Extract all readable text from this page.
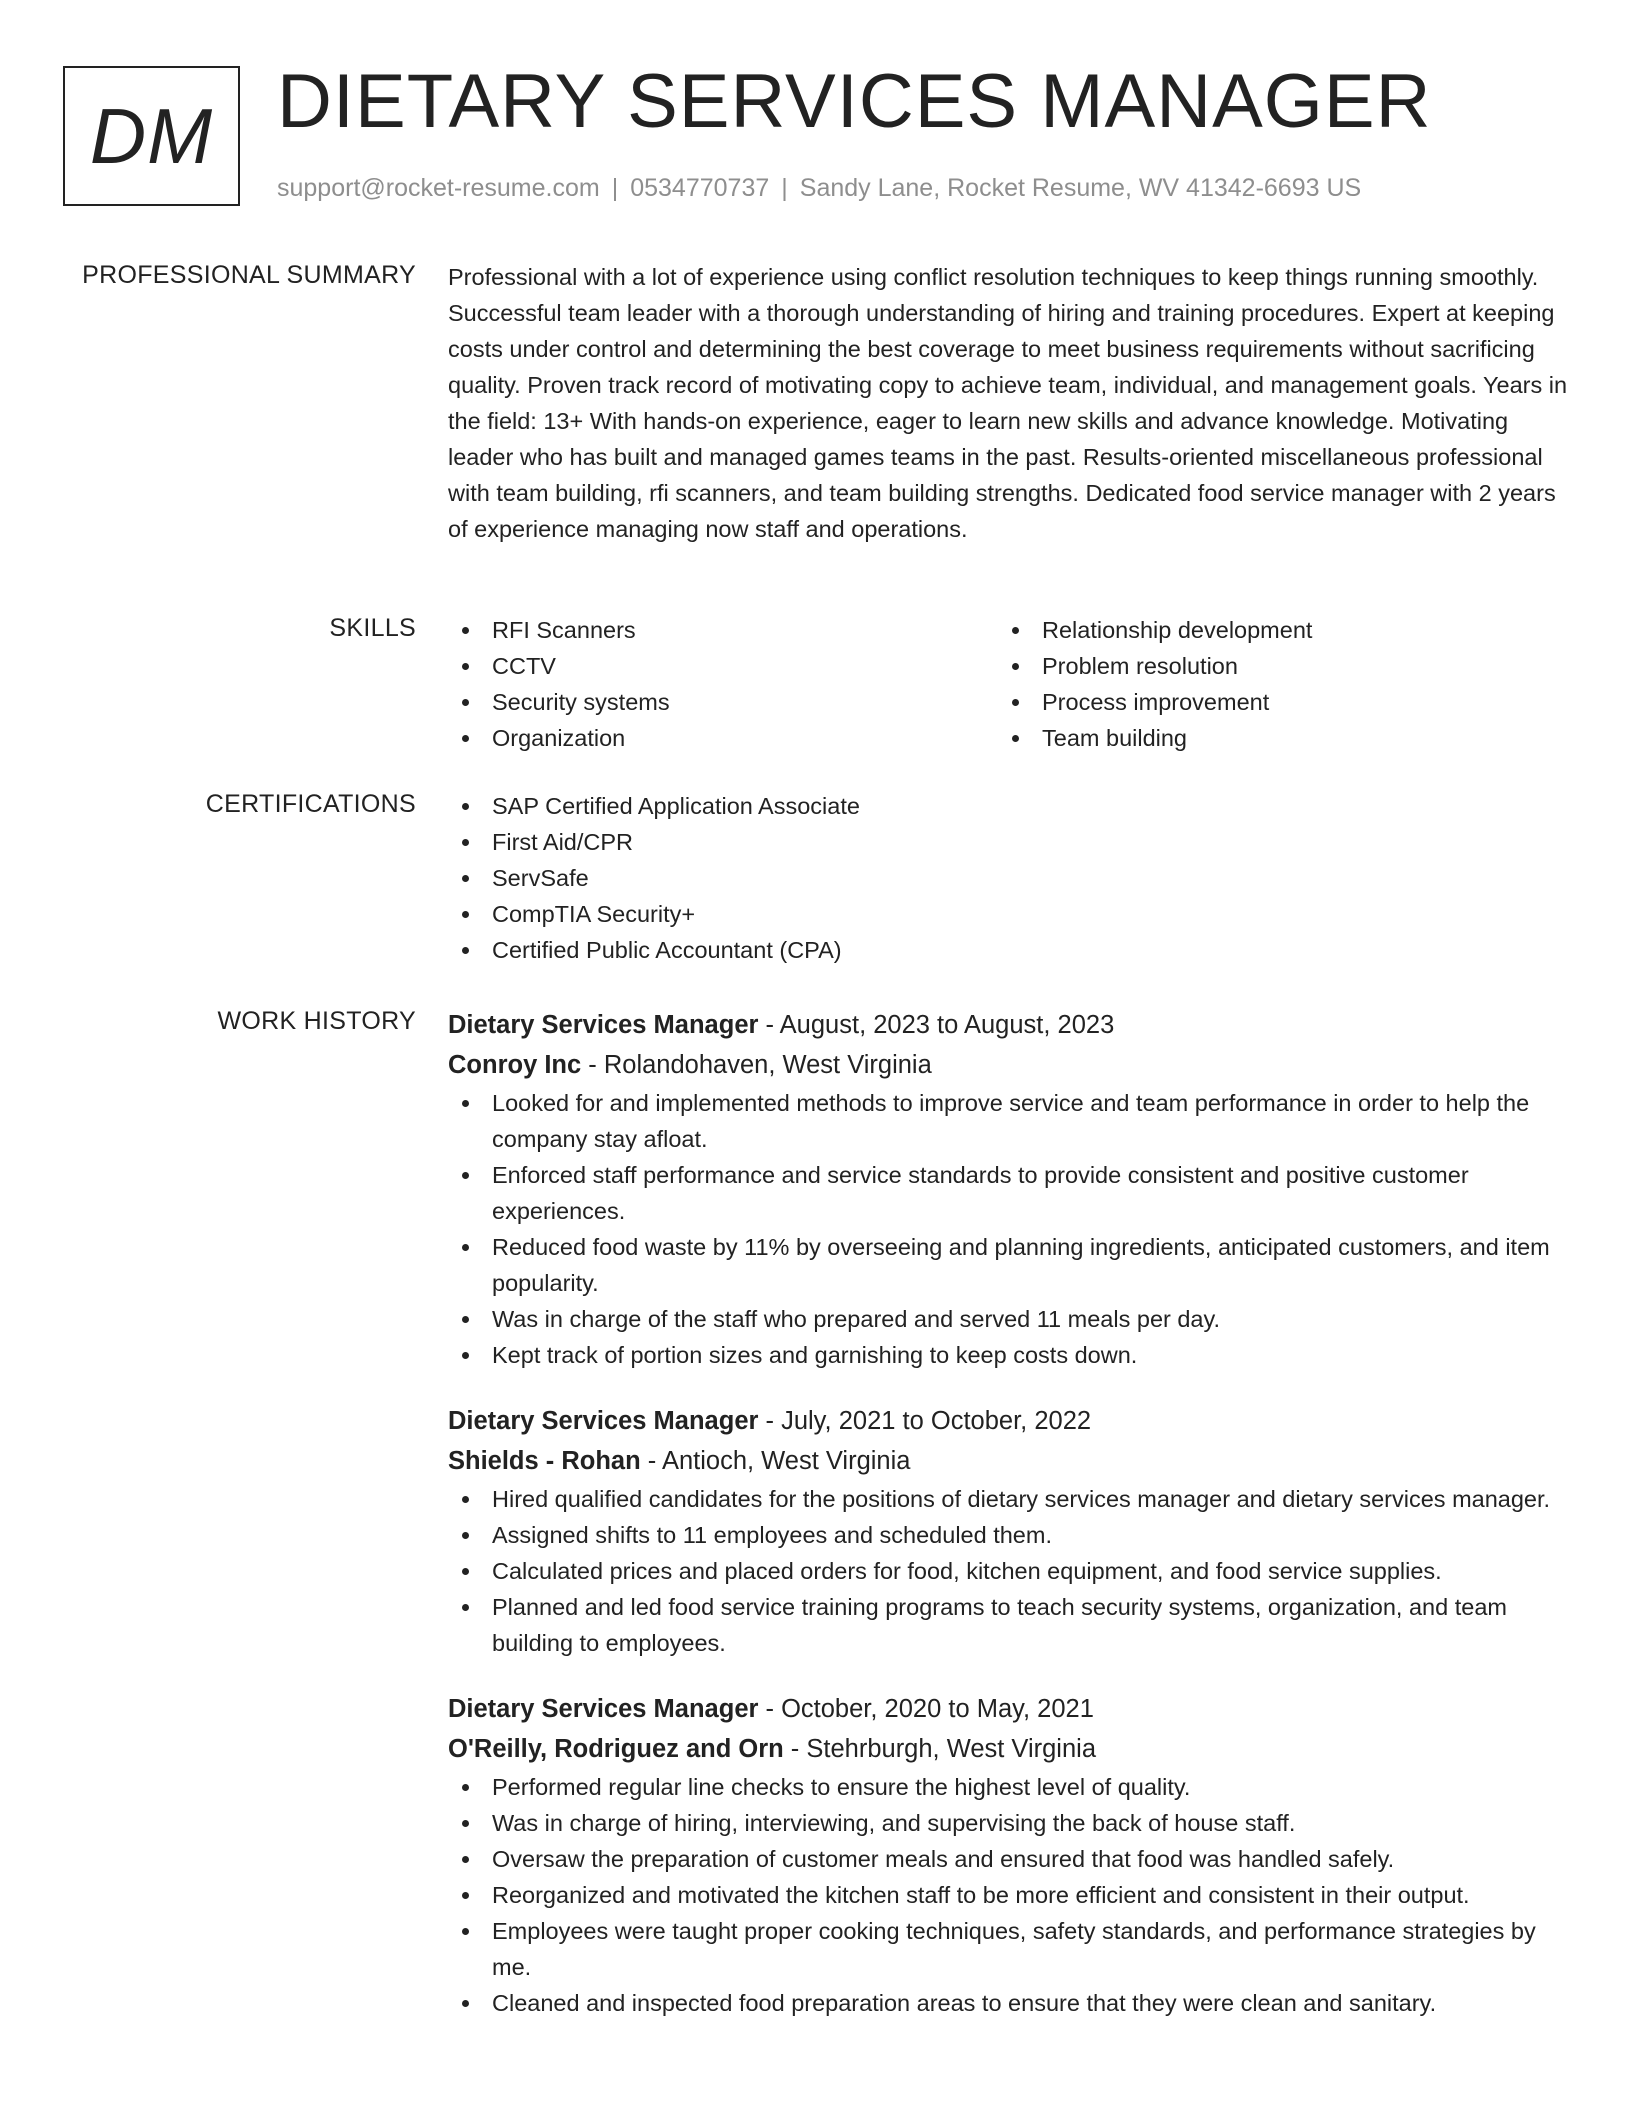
DM DIETARY SERVICES MANAGER
support@rocket-resume.com | 0534770737 | Sandy Lane, Rocket Resume, WV 41342-6693 US
PROFESSIONAL SUMMARY Professional with a lot of experience using conflict resolution techniques to keep things running smoothly. Successful team leader with a thorough understanding of hiring and training procedures. Expert at keeping costs under control and determining the best coverage to meet business requirements without sacrificing quality. Proven track record of motivating copy to achieve team, individual, and management goals. Years in the field: 13+ With hands-on experience, eager to learn new skills and advance knowledge. Motivating leader who has built and managed games teams in the past. Results-oriented miscellaneous professional with team building, rfi scanners, and team building strengths. Dedicated food service manager with 2 years of experience managing now staff and operations.
SKILLS	RFI Scanners
CCTV
Security systems
Organization
Relationship development
Problem resolution
Process improvement
Team building
CERTIFICATIONS	SAP Certified Application Associate
First Aid/CPR
ServSafe
CompTIA Security+
Certified Public Accountant (CPA)
WORK HISTORY Dietary Services Manager - August, 2023 to August, 2023
Conroy Inc - Rolandohaven, West Virginia
Looked for and implemented methods to improve service and team performance in order to help the company stay afloat.
Enforced staff performance and service standards to provide consistent and positive customer experiences.
Reduced food waste by 11% by overseeing and planning ingredients, anticipated customers, and item popularity.
Was in charge of the staff who prepared and served 11 meals per day.
Kept track of portion sizes and garnishing to keep costs down.
Dietary Services Manager - July, 2021 to October, 2022
Shields - Rohan - Antioch, West Virginia
Hired qualified candidates for the positions of dietary services manager and dietary services manager.
Assigned shifts to 11 employees and scheduled them.
Calculated prices and placed orders for food, kitchen equipment, and food service supplies.
Planned and led food service training programs to teach security systems, organization, and team building to employees.
Dietary Services Manager - October, 2020 to May, 2021
O'Reilly, Rodriguez and Orn - Stehrburgh, West Virginia
Performed regular line checks to ensure the highest level of quality.
Was in charge of hiring, interviewing, and supervising the back of house staff.
Oversaw the preparation of customer meals and ensured that food was handled safely.
Reorganized and motivated the kitchen staff to be more efficient and consistent in their output.
Employees were taught proper cooking techniques, safety standards, and performance strategies by me.
Cleaned and inspected food preparation areas to ensure that they were clean and sanitary.
